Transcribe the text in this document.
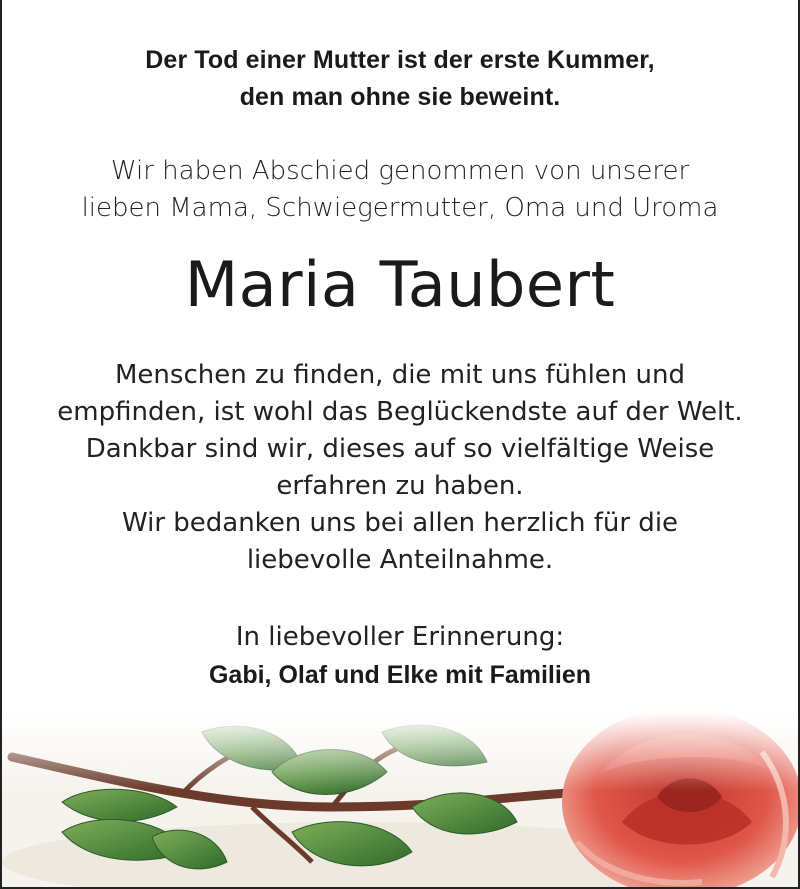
Der Tod einer Mutter ist der erste Kummer,
den man ohne sie beweint.
Wir haben Abschied genommen von unserer
lieben Mama, Schwiegermutter, Oma und Uroma
Maria Taubert
Menschen zu finden, die mit uns fühlen und
empfinden, ist wohl das Beglückendste auf der Welt.
Dankbar sind wir, dieses auf so vielfältige Weise
erfahren zu haben.
Wir bedanken uns bei allen herzlich für die
liebevolle Anteilnahme.
In liebevoller Erinnerung:
Gabi, Olaf und Elke mit Familien
